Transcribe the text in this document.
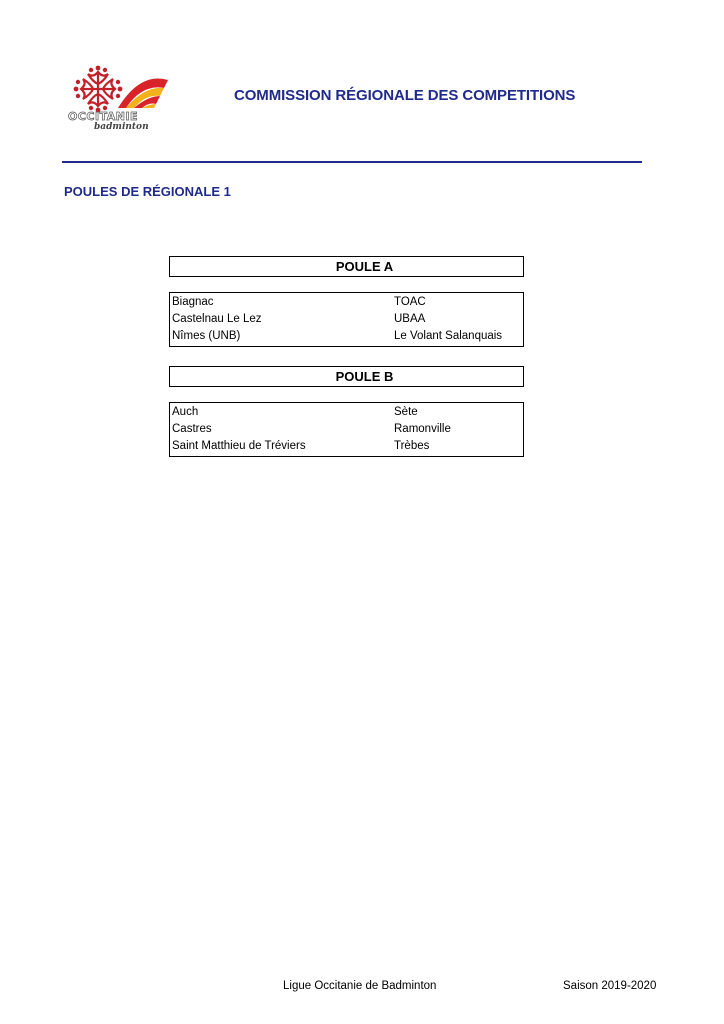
OCCITANIE
badminton
COMMISSION RÉGIONALE DES COMPETITIONS
POULES DE RÉGIONALE 1
POULE A
Biagnac	TOAC
Castelnau Le Lez	UBAA
Nîmes (UNB)	Le Volant Salanquais
POULE B
Auch	Sète
Castres	Ramonville
Saint Matthieu de Tréviers	Trèbes
Ligue Occitanie de Badminton	Saison 2019-2020
